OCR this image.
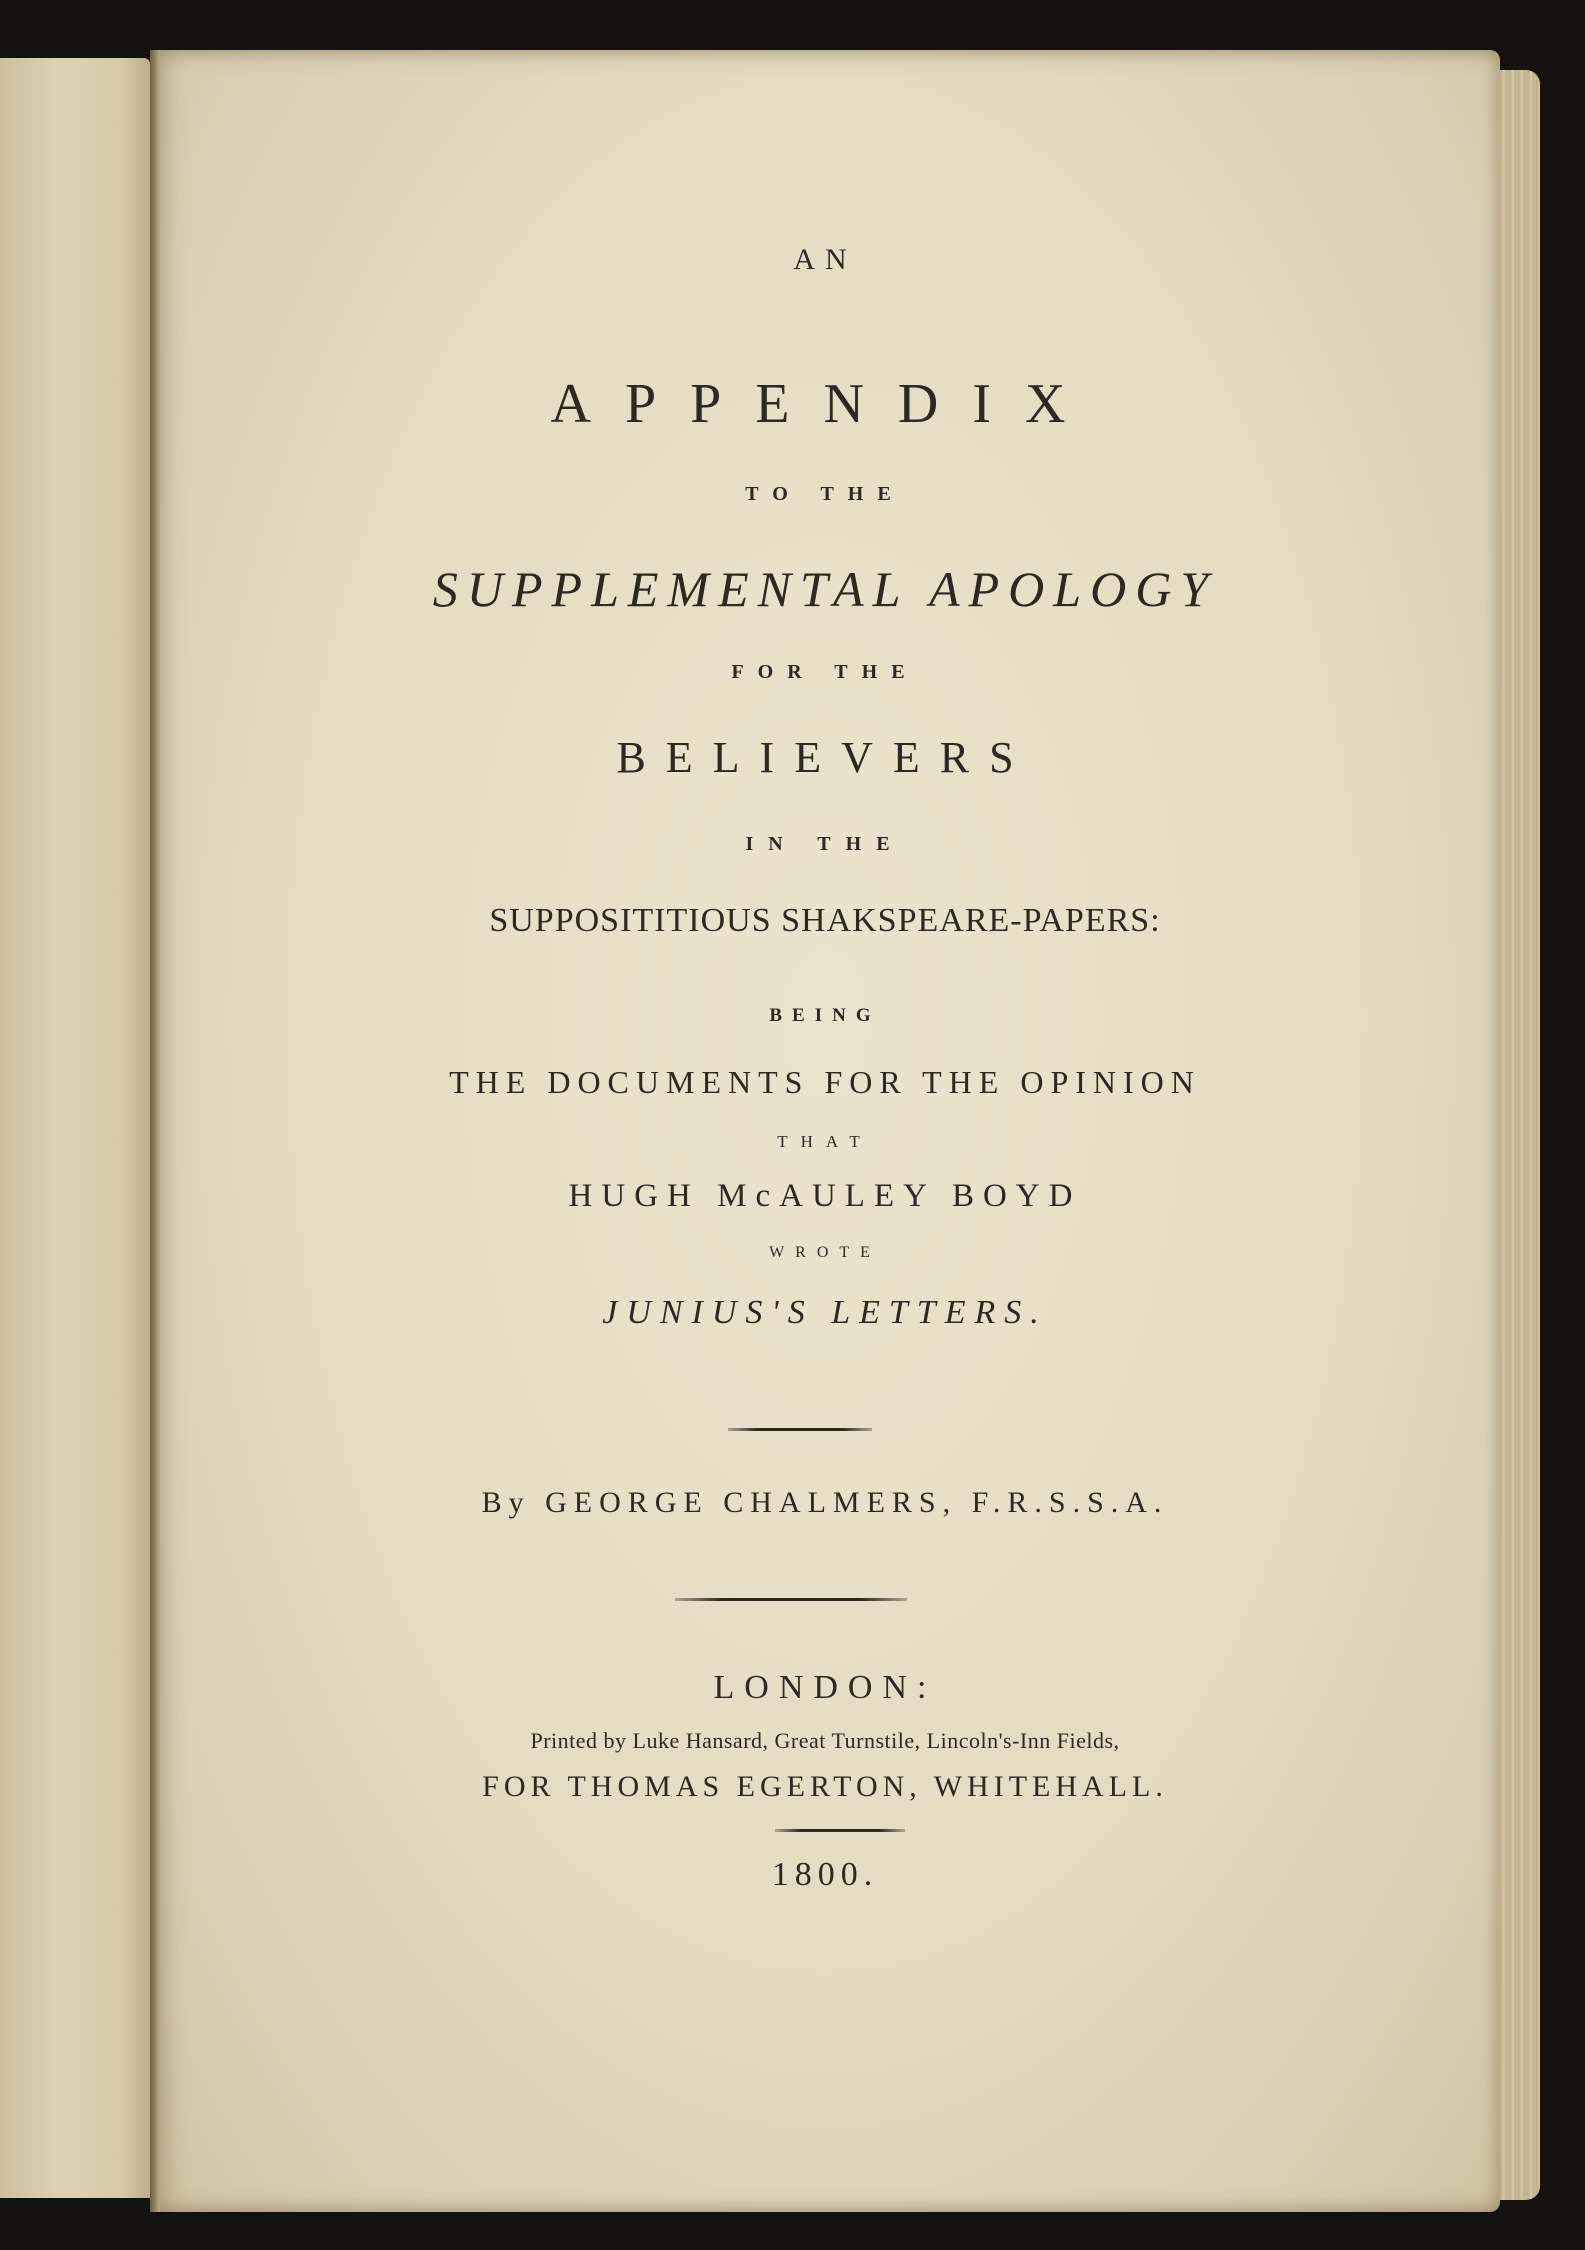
AN

APPENDIX

TO THE

SUPPLEMENTAL APOLOGY

FOR THE

BELIEVERS

IN THE

SUPPOSITITIOUS SHAKSPEARE-PAPERS:

BEING

THE DOCUMENTS FOR THE OPINION

THAT

HUGH McAULEY BOYD

WROTE

JUNIUS'S LETTERS.

By GEORGE CHALMERS, F.R.S.S.A.

LONDON:

Printed by Luke Hansard, Great Turnstile, Lincoln's-Inn Fields,

FOR THOMAS EGERTON, WHITEHALL.

1800.
